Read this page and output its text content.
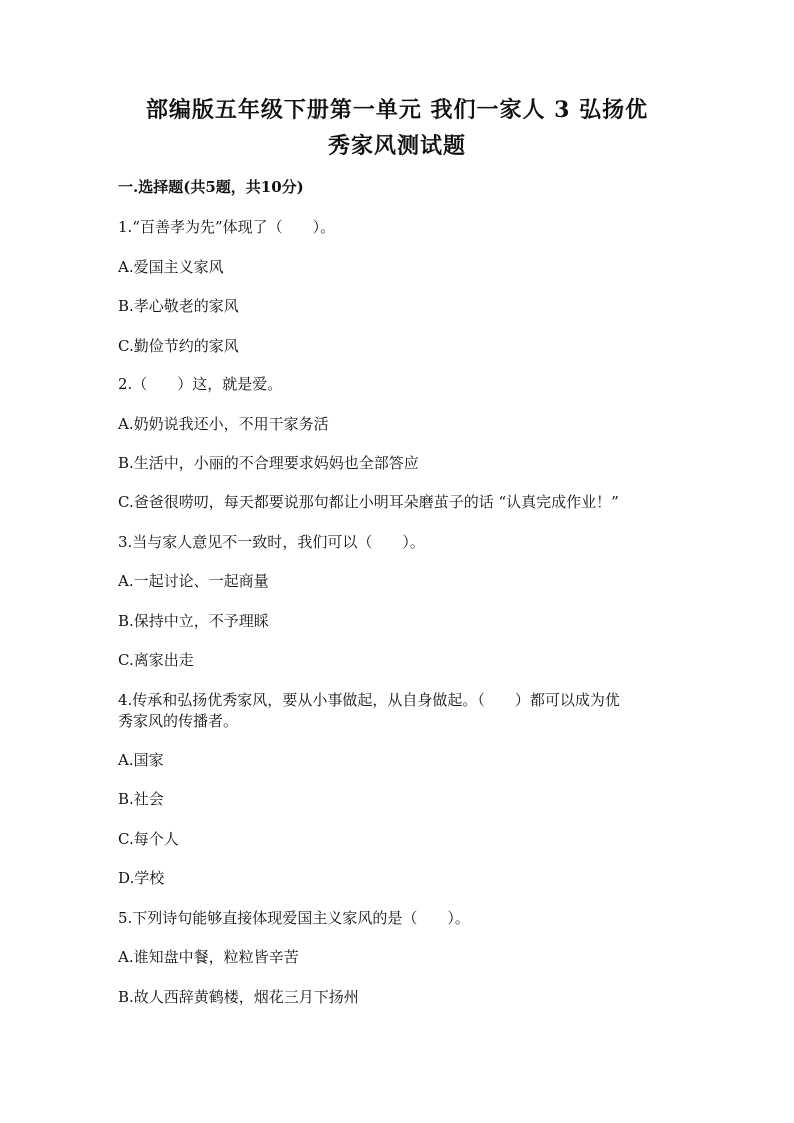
部编版五年级下册第一单元 我们一家人 3 弘扬优
秀家风测试题
一.选择题(共5题，共10分)
1.“百善孝为先”体现了（　　）。
A.爱国主义家风
B.孝心敬老的家风
C.勤俭节约的家风
2.（　　）这，就是爱。
A.奶奶说我还小，不用干家务活
B.生活中，小丽的不合理要求妈妈也全部答应
C.爸爸很唠叨，每天都要说那句都让小明耳朵磨茧子的话 “认真完成作业！”
3.当与家人意见不一致时，我们可以（　　）。
A.一起讨论、一起商量
B.保持中立，不予理睬
C.离家出走
4.传承和弘扬优秀家风，要从小事做起，从自身做起。（　　）都可以成为优
秀家风的传播者。
A.国家
B.社会
C.每个人
D.学校
5.下列诗句能够直接体现爱国主义家风的是（　　）。
A.谁知盘中餐，粒粒皆辛苦
B.故人西辞黄鹤楼，烟花三月下扬州
